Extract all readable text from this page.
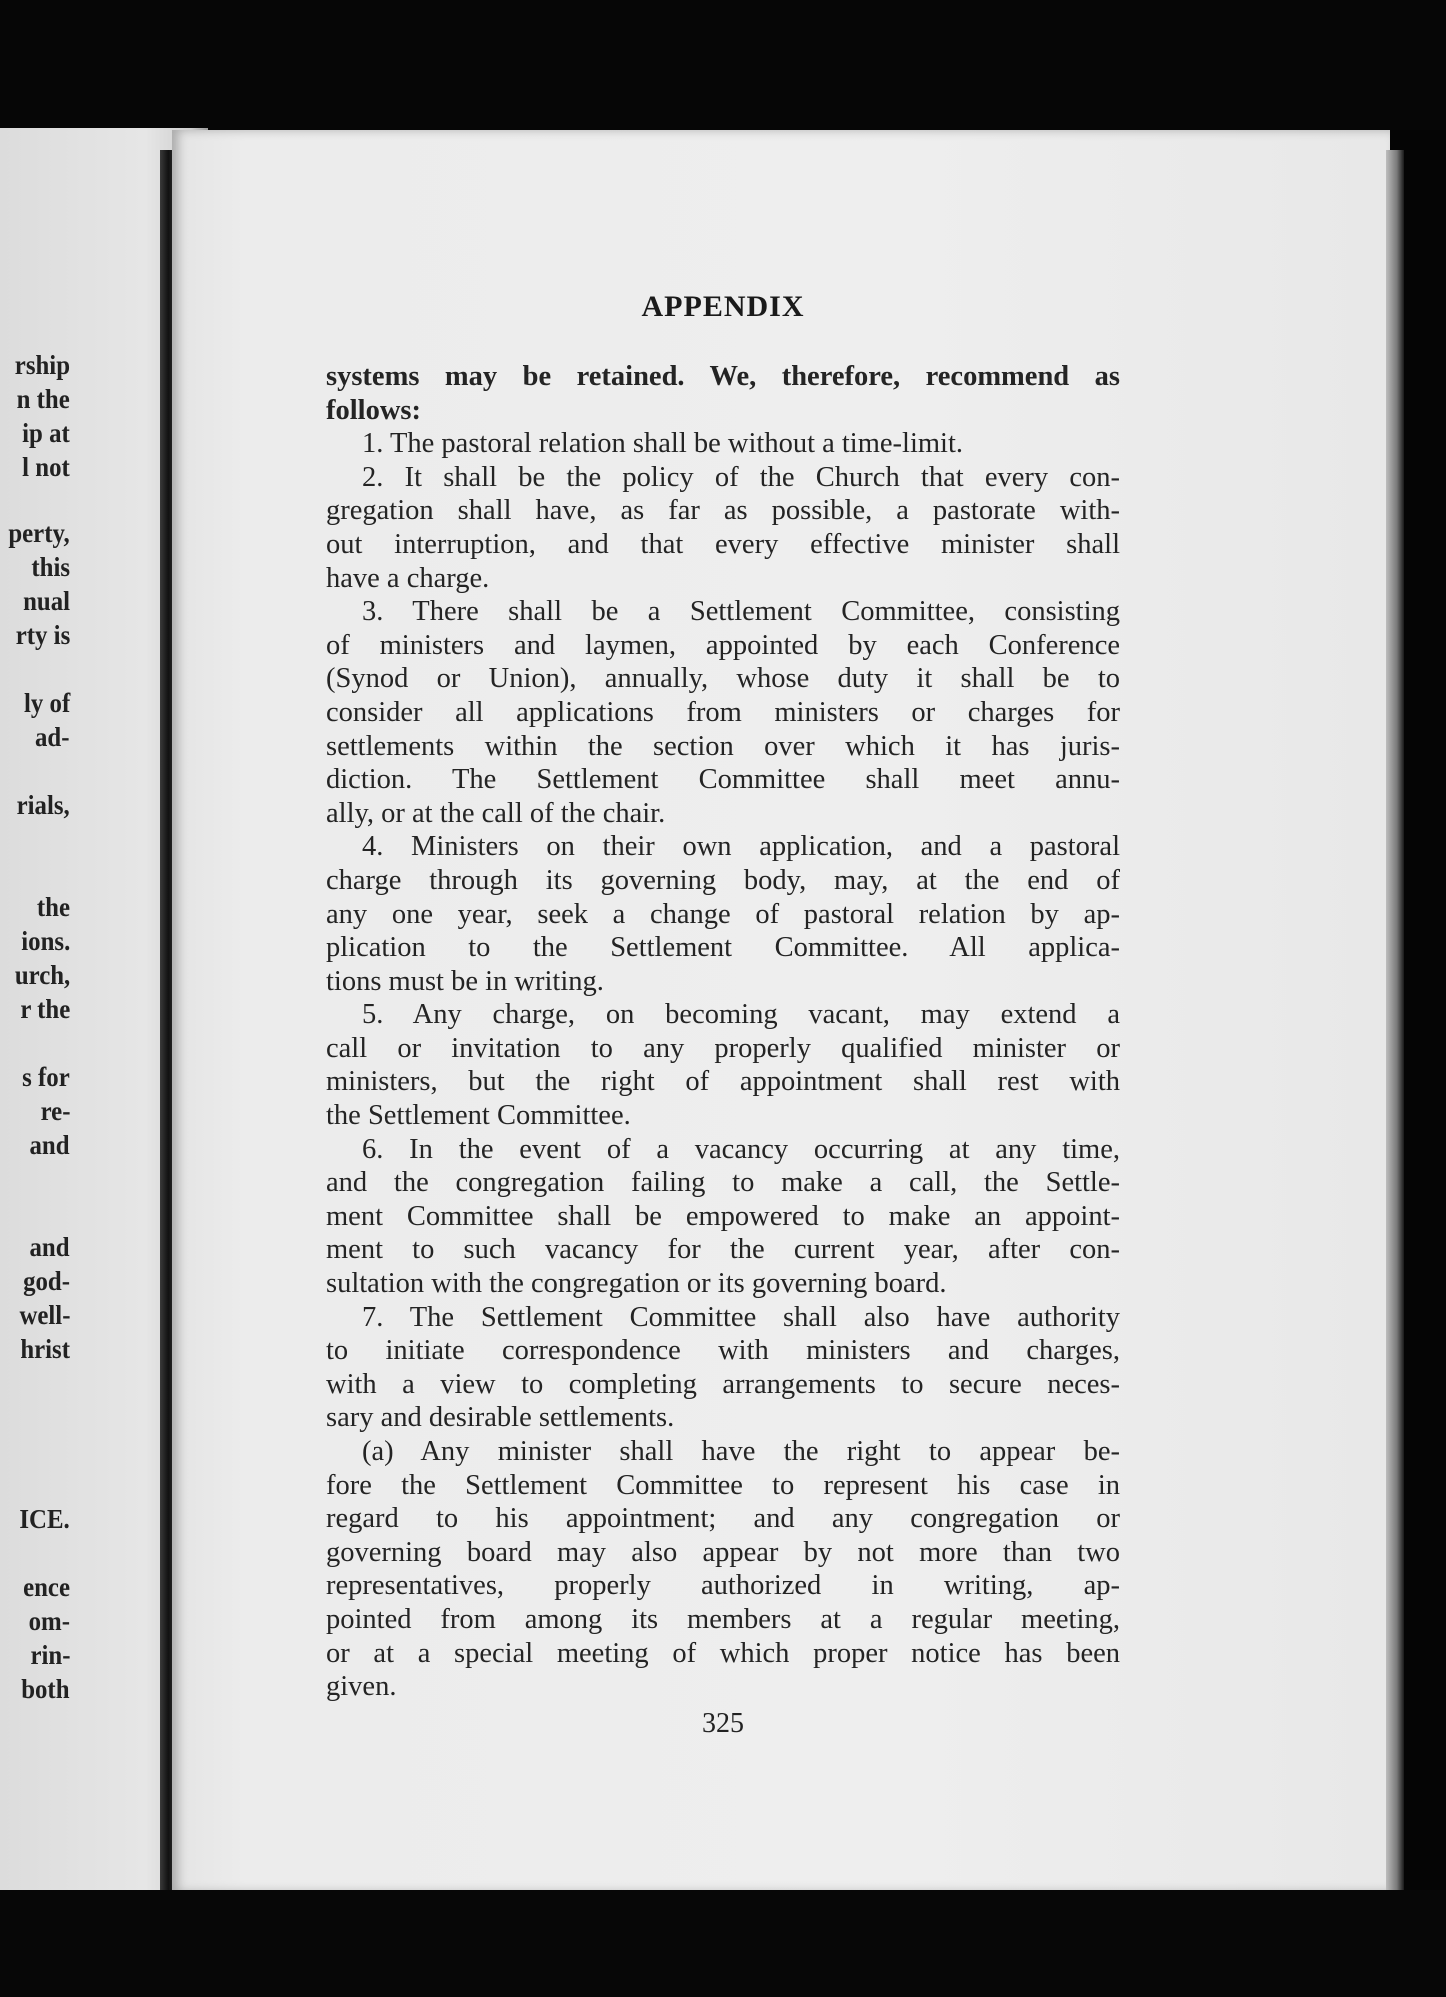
rship
n the
ip at
l not
perty,
this
nual
rty is
ly of
ad-
rials,
the
ions.
urch,
r the
s for
re-
and
and
god-
well-
hrist
ICE.
ence
om-
rin-
both
APPENDIX

systems may be retained. We, therefore, recommend as
follows:

1. The pastoral relation shall be without a time-limit.

2. It shall be the policy of the Church that every con-
gregation shall have, as far as possible, a pastorate with-
out interruption, and that every effective minister shall
have a charge.

3. There shall be a Settlement Committee, consisting
of ministers and laymen, appointed by each Conference
(Synod or Union), annually, whose duty it shall be to
consider all applications from ministers or charges for
settlements within the section over which it has juris-
diction. The Settlement Committee shall meet annu-
ally, or at the call of the chair.

4. Ministers on their own application, and a pastoral
charge through its governing body, may, at the end of
any one year, seek a change of pastoral relation by ap-
plication to the Settlement Committee. All applica-
tions must be in writing.

5. Any charge, on becoming vacant, may extend a
call or invitation to any properly qualified minister or
ministers, but the right of appointment shall rest with
the Settlement Committee.

6. In the event of a vacancy occurring at any time,
and the congregation failing to make a call, the Settle-
ment Committee shall be empowered to make an appoint-
ment to such vacancy for the current year, after con-
sultation with the congregation or its governing board.

7. The Settlement Committee shall also have authority
to initiate correspondence with ministers and charges,
with a view to completing arrangements to secure neces-
sary and desirable settlements.

(a) Any minister shall have the right to appear be-
fore the Settlement Committee to represent his case in
regard to his appointment; and any congregation or
governing board may also appear by not more than two
representatives, properly authorized in writing, ap-
pointed from among its members at a regular meeting,
or at a special meeting of which proper notice has been
given.

325
